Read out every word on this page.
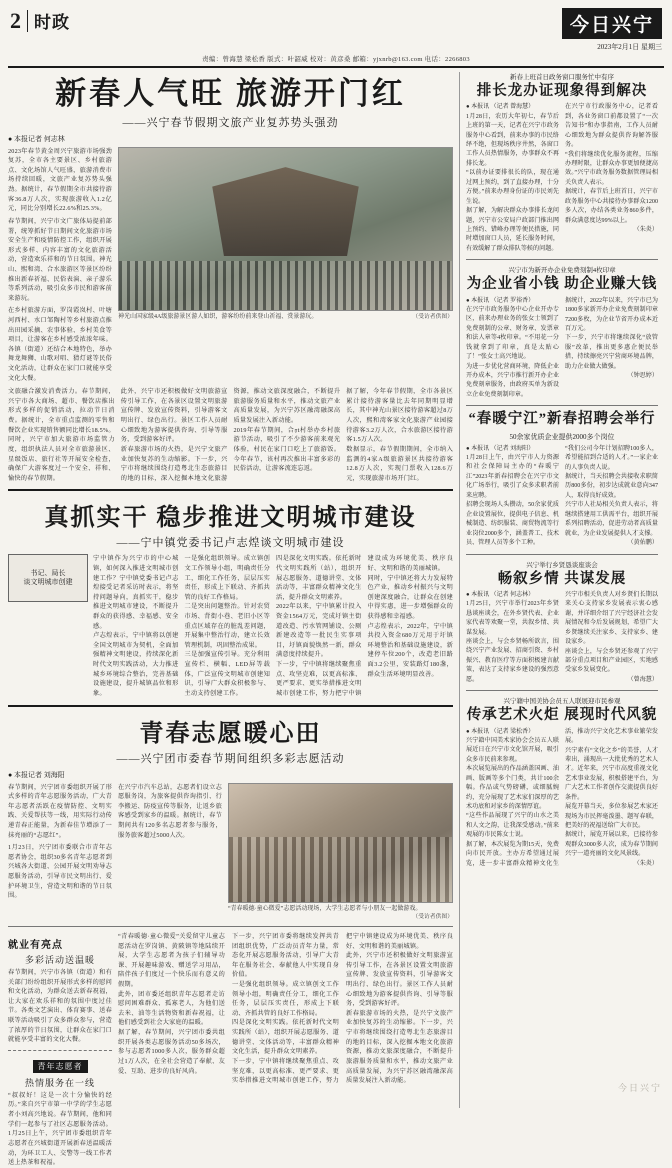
2 时政	今日兴宁
2023年2月1日 星期三
责编：曾海慧 梁松香 版式：叶韶威 校对：黄彦桑 邮箱：yjxnrb@163.com 电话：2266803
新春人气旺 旅游开门红
——兴宁春节假期文旅产业复苏势头强劲
● 本报记者 何志林
2023年春节黄金周兴宁旅游市场强劲复苏，全市各主要景区、乡村旅游点、文化场馆人气旺盛，旅游消费市场持续回暖，文旅产业复苏势头强劲。据统计，春节假期全市共接待游客36.8万人次，实现旅游收入1.2亿元，同比分别增长22.6%和25.3%。
春节期间，兴宁市文广旅体局提前部署，统筹抓好节日期间文化旅游市场安全生产和疫情防控工作，组织开展形式多样、内容丰富的文化旅游活动，营造欢乐祥和的节日氛围。神光山、熙和湾、合水旅游区等景区纷纷推出新春祈福、民俗表演、亲子游乐等系列活动，吸引众多市民和游客前来游玩。
在乡村旅游方面，罗岗霞岚村、叶塘河西村、水口邹陶村等乡村旅游点推出田园采摘、农事体验、乡村美食等项目，让游客在乡村感受浓浓年味。各镇（街道）还结合本地特色，举办舞龙舞狮、山歌对唱、猜灯谜等民俗文化活动，让群众在家门口就能享受文化大餐。
神光山国家级4A级旅游景区游人如织，游客纷纷前来登山祈福、赏景游玩。	（受访者供图）
文旅融合激发消费活力。春节期间，兴宁市各大商场、超市、餐饮店推出形式多样的促销活动，拉动节日消费。据统计，全市重点监测的零售和餐饮企业实现销售额同比增长18.5%。同时，兴宁市加大旅游市场监管力度，组织执法人员对全市旅游景区、星级饭店、旅行社等开展安全检查，确保广大游客度过一个安全、祥和、愉快的春节假期。
此外，兴宁市还积极做好文明旅游宣传引导工作，在各景区设置文明旅游宣传牌、发放宣传资料，引导游客文明出行、绿色出行。景区工作人员耐心细致地为游客提供咨询、引导等服务，受到游客好评。
新春旅游市场的火热，是兴宁文旅产业加快复苏的生动缩影。下一步，兴宁市将继续围绕打造粤北生态旅游目的地的目标，深入挖掘本地文化旅游资源，推动文旅深度融合，不断提升旅游服务质量和水平，推动文旅产业高质量发展，为兴宁苏区融湾融深高质量发展注入新动能。
2019年春节期间，合ரt村举办乡村旅游节活动，吸引了不少游客前来观光体验，村民在家门口吃上了旅游饭。今年春节，该村再次推出丰富多彩的民俗活动，让游客流连忘返。
据了解，今年春节假期，全市各景区累计接待游客量比去年同期明显增长，其中神光山景区接待游客超过8万人次，熙和湾客家文化旅游产业园接待游客3.2万人次，合水旅游区接待游客1.5万人次。
数据显示，春节假期期间，全市纳入监测的4家A级旅游景区共接待游客12.8万人次，实现门票收入128.6万元，实现旅游市场开门红。
真抓实干 稳步推进文明城市建设
——宁中镇党委书记卢志煌谈文明城市建设
书记、局长
谈文明城市创建
宁中镇作为兴宁市的中心城镇，如何深入推进文明城市创建工作？宁中镇党委书记卢志煌接受记者采访时表示，将坚持问题导向，真抓实干，稳步推进文明城市建设，不断提升群众的获得感、幸福感、安全感。
卢志煌表示，宁中镇将以创建全国文明城市为契机，全面加强精神文明建设，持续深化新时代文明实践活动，大力推进城乡环境综合整治，完善基础设施建设，提升城镇品位和形象。
一是强化组织领导。成立镇创文工作领导小组，明确责任分工，细化工作任务，层层压实责任，形成上下联动、齐抓共管的良好工作格局。
二是突出问题整治。针对农贸市场、背街小巷、老旧小区等重点区域存在的脏乱差问题，开展集中整治行动，建立长效管理机制，巩固整治成果。
三是加强宣传引导。充分利用宣传栏、横幅、LED屏等载体，广泛宣传文明城市创建知识，引导广大群众积极参与、主动支持创建工作。
四是深化文明实践。依托新时代文明实践所（站），组织开展志愿服务、道德讲堂、文体活动等，丰富群众精神文化生活，提升群众文明素养。
2022年以来，宁中镇累计投入资金1564万元，完成圩镇主街道改造、污水管网铺设、公厕新建改造等一批民生实事项目，圩镇面貌焕然一新，群众满意度持续提升。
下一步，宁中镇将继续聚焦重点、攻坚克难，以更高标准、更严要求、更实举措推进文明城市创建工作，努力把宁中镇建设成为环境优美、秩序良好、文明和谐的美丽城镇。
同时，宁中镇还将大力发展特色产业，推动乡村振兴与文明创建深度融合，让群众在创建中得实惠，进一步增强群众的获得感和幸福感。
卢志煌表示，2022年，宁中镇共投入资金680万元用于圩镇环境整治和基础设施建设，新建停车位200个，改造老旧路面3.2公里，安装路灯180盏，群众生活环境明显改善。
青春志愿暖心田
——兴宁团市委春节期间组织多彩志愿活动
● 本报记者 刘海阳
春节期间，兴宁团市委组织开展了形式多样的青年志愿服务活动，广大青年志愿者活跃在疫情防控、文明实践、关爱帮扶等一线，用实际行动传递青春正能量，为新春佳节增添了一抹亮丽的“志愿红”。
1月23日，兴宁团市委联合市青年志愿者协会，组织30多名青年志愿者到兴城各大街道、公园开展文明劝导志愿服务活动，引导市民文明出行、爱护环境卫生，营造文明和谐的节日氛围。
在兴宁市汽车总站，志愿者们设立志愿服务岗，为旅客提供咨询指引、行李搬运、防疫宣传等服务，让返乡旅客感受到家乡的温暖。据统计，春节期间共有120多名志愿者参与服务，服务旅客超过5000人次。
“青春暖德·童心微爱”志愿活动现场，大学生志愿者与小朋友一起做游戏。
（受访者供图）
就业有亮点
多彩活动送温暖
春节期间，兴宁市各镇（街道）和有关部门纷纷组织开展形式多样的慰问和文化活动，为群众送去新春祝福，让大家在欢乐祥和的氛围中度过佳节。各类文艺演出、体育赛事、送春联等活动吸引了众多群众参与，营造了浓厚的节日氛围，让群众在家门口就能享受丰富的文化大餐。
青年志愿者
热情服务在一线
“叔叔好！这是一次十分愉快的经历。”来自兴宁市第一中学的学生志愿者小刘高兴地说。春节期间，他和同学们一起参与了社区志愿服务活动。1月25日上午，兴宁团市委组织青年志愿者在兴城街道开展新春送温暖活动，为环卫工人、交警等一线工作者送上热茶和祝福。
“青春暖德·童心微爱”关爱留守儿童志愿活动在罗岗镇、黄陂镇等地陆续开展，大学生志愿者为孩子们辅导功课、开展趣味游戏、赠送学习用品，陪伴孩子们度过一个快乐而有意义的假期。
此外，团市委还组织青年志愿者走访慰问困难群众、孤寡老人，为他们送去米、油等生活物资和新春祝福，让他们感受到社会大家庭的温暖。
据了解，春节期间，兴宁团市委共组织开展各类志愿服务活动50多场次，参与志愿者1000多人次，服务群众超过1万人次，在全社会营造了奉献、友爱、互助、进步的良好风尚。
下一步，兴宁团市委将继续发挥共青团组织优势，广泛动员青年力量，常态化开展志愿服务活动，引导广大青年在服务社会、奉献他人中实现自身价值。
一是强化组织领导。成立镇创文工作领导小组，明确责任分工，细化工作任务，层层压实责任，形成上下联动、齐抓共管的良好工作格局。
四是深化文明实践。依托新时代文明实践所（站），组织开展志愿服务、道德讲堂、文体活动等，丰富群众精神文化生活，提升群众文明素养。
下一步，宁中镇将继续聚焦重点、攻坚克难，以更高标准、更严要求、更实举措推进文明城市创建工作，努力把宁中镇建设成为环境优美、秩序良好、文明和谐的美丽城镇。
此外，兴宁市还积极做好文明旅游宣传引导工作，在各景区设置文明旅游宣传牌、发放宣传资料，引导游客文明出行、绿色出行。景区工作人员耐心细致地为游客提供咨询、引导等服务，受到游客好评。
新春旅游市场的火热，是兴宁文旅产业加快复苏的生动缩影。下一步，兴宁市将继续围绕打造粤北生态旅游目的地的目标，深入挖掘本地文化旅游资源，推动文旅深度融合，不断提升旅游服务质量和水平，推动文旅产业高质量发展，为兴宁苏区融湾融深高质量发展注入新动能。
新春上班首日政务窗口服务忙中有序
排长龙办证现象得到解决
● 本报讯 （记者 曾海慧）
1月28日，农历大年初七，春节后上班的第一天，记者在兴宁市政务服务中心看到，前来办事的市民络绎不绝，但现场秩序井然，各窗口工作人员热情服务，办事群众不再排长龙。
“以前办证要排很长的队，现在通过网上预约，到了直接办理，十分方便。”前来办理身份证的市民刘先生说。
据了解，为解决群众办事排长龙问题，兴宁市公安局户政部门推出网上预约、错峰办理等便民措施，同时增加窗口人员，延长服务时间，有效缓解了群众排队等候的问题。
在兴宁市行政服务中心，记者看到，各业务窗口前都设置了“一次告知书”和办事指南，工作人员耐心细致地为群众提供咨询解答服务。
“我们将继续优化服务流程，压缩办理时限，让群众办事更加便捷高效。”兴宁市政务服务数据管理局相关负责人表示。
据统计，春节后上班首日，兴宁市政务服务中心共接待办事群众1200多人次，办结各类业务860多件，群众满意度达99%以上。
（朱炎）
兴宁市为新开办企业免费刻制4枚印章
为企业省小钱 助企业赚大钱
● 本报讯 （记者 罗裕香）
在兴宁市政务服务中心企业开办专区，前来办理业务的张女士领到了免费刻制的公章、财务章、发票章和法人章等4枚印章。“不用花一分钱就拿到了印章，真是太贴心了！”张女士高兴地说。
为进一步优化营商环境，降低企业开办成本，兴宁市推行新开办企业免费刻章服务，由政府买单为新设立企业免费刻制印章。
据统计，2022年以来，兴宁市已为1800多家新开办企业免费刻制印章7200多枚，为企业节省开办成本近百万元。
下一步，兴宁市将继续深化“放管服”改革，推出更多惠企便民举措，持续擦亮兴宁营商环境品牌，助力企业做大做强。
（钟思婷）
“春暖宁江”新春招聘会举行
50余家优质企业提供2000多个岗位
● 本报讯 （记者 刘海阳）
1月28日上午，由兴宁市人力资源和社会保障局主办的“春暖宁江”2023年新春招聘会在兴宁市文化广场举行，吸引了众多求职者前来应聘。
招聘会现场人头攒动，50余家优质企业设置展位，提供电子信息、机械制造、纺织服装、商贸物流等行业岗位2000多个，涵盖普工、技术员、管理人员等多个工种。
“我们公司今年计划招聘100多人，希望能招到合适的人才。”一家企业的人事负责人说。
据统计，当天招聘会共接收求职简历800多份，初步达成就业意向347人，取得良好成效。
兴宁市人社局相关负责人表示，将继续搭建用工供需平台，组织开展系列招聘活动，促进劳动者高质量就业，为企业发展提供人才支撑。
（黄佑鹏）
兴宁举行乡贤恳谈座谈会
畅叙乡情 共谋发展
● 本报讯 （记者 何志林）
1月25日，兴宁市举行2023年乡贤恳谈座谈会，在外乡贤代表、企业家代表等欢聚一堂，共叙乡情、共谋发展。
座谈会上，与会乡贤畅所欲言，围绕兴宁产业发展、招商引资、乡村振兴、教育医疗等方面积极建言献策，表达了支持家乡建设的强烈意愿。
兴宁市相关负责人对乡贤们长期以来关心支持家乡发展表示衷心感谢，并详细介绍了兴宁经济社会发展情况和今后发展规划，希望广大乡贤继续关注家乡、支持家乡、建设家乡。
座谈会上，与会乡贤还参观了兴宁部分重点项目和产业园区，实地感受家乡发展变化。
（曾海慧）
兴宁籍中国美协会员五人联展迎市民参观
传承艺术火炬 展现时代风貌
● 本报讯 （记者 梁松香）
兴宁籍中国美术家协会会员五人联展近日在兴宁市文化馆开展，吸引众多市民前来参观。
本次展览展出的作品涵盖国画、油画、版画等多个门类，共计100余幅。作品或气势磅礴，或细腻婉约，充分展现了艺术家们深厚的艺术功底和对家乡的深情厚谊。
“这些作品展现了兴宁的山水之美和人文之韵，让我深受感动。”前来观展的市民陈女士说。
据了解，本次展览为期15天，免费向市民开放。主办方希望通过展览，进一步丰富群众精神文化生活，推动兴宁文化艺术事业繁荣发展。
兴宁素有“文化之乡”的美誉，人才辈出，涌现出一大批优秀的艺术人才。近年来，兴宁市高度重视文化艺术事业发展，积极搭建平台，为广大艺术工作者创作交流提供良好条件。
展览开幕当天，多位参展艺术家还现场为市民挥毫泼墨、题写春联，把美好的祝福送给广大市民。
据统计，展览开展以来，已接待参观群众3000多人次，成为春节期间兴宁一道亮丽的文化风景线。
（朱炎）
今日兴宁
